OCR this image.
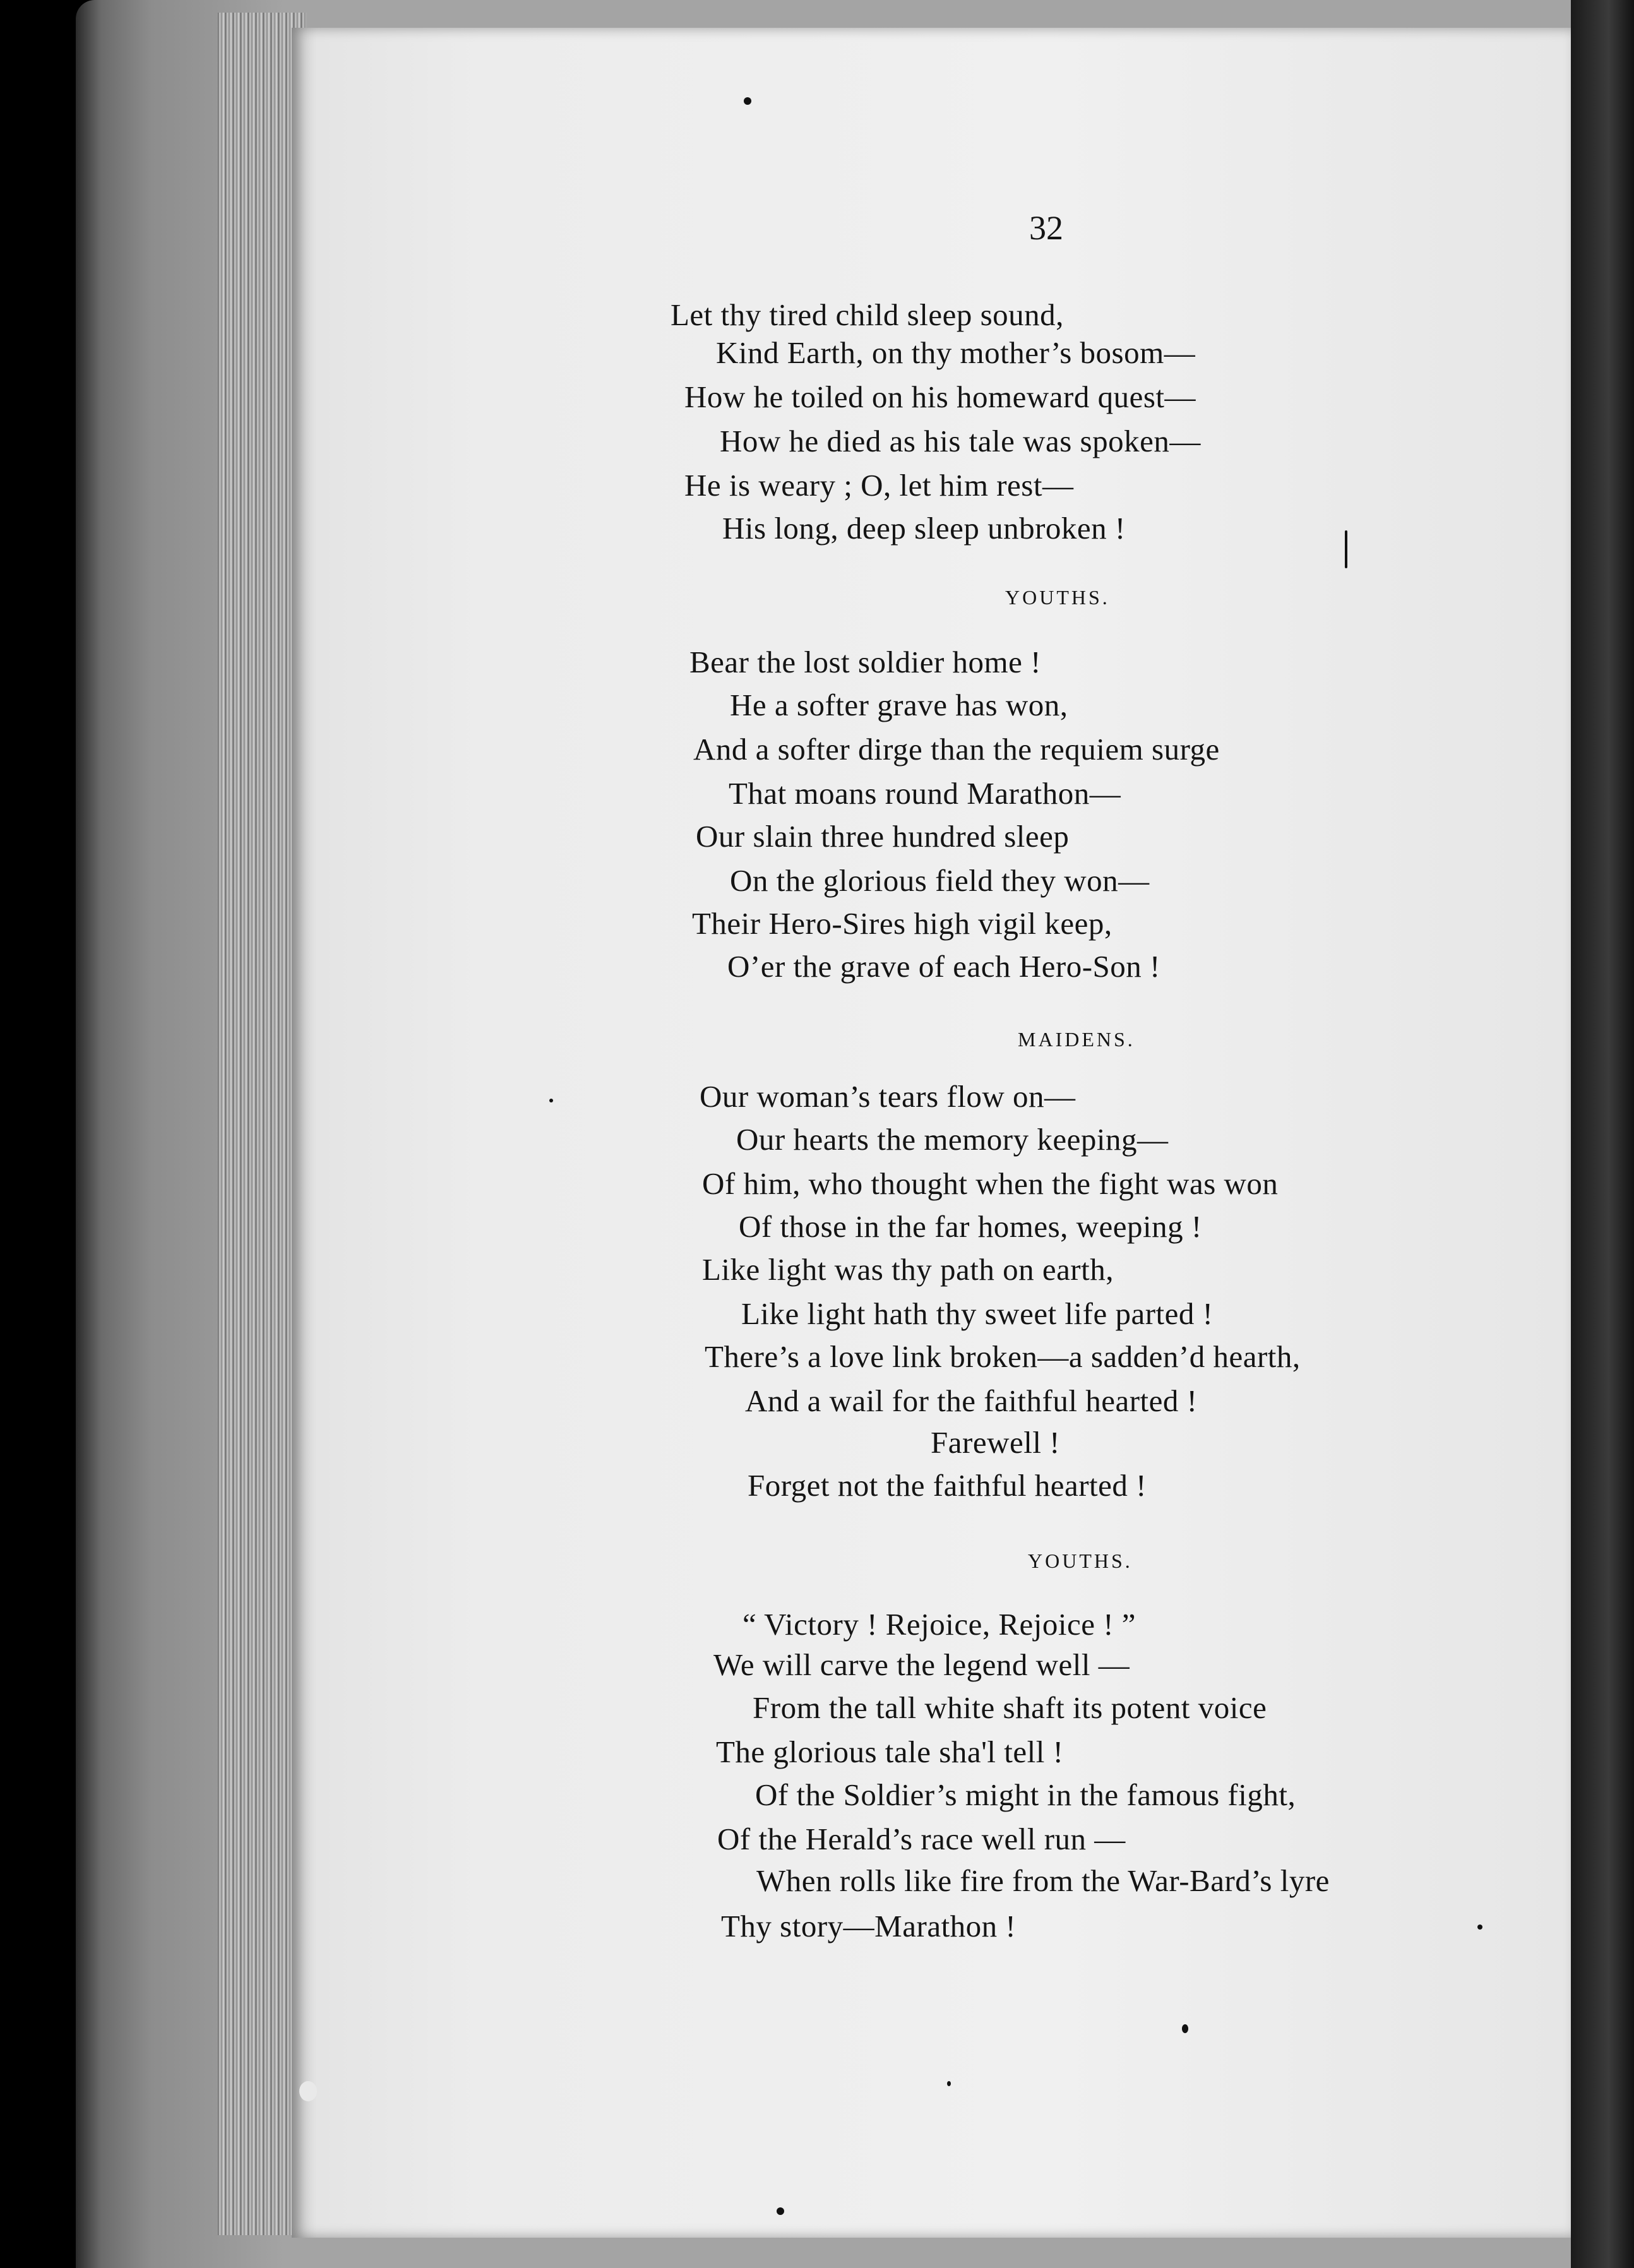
32
Let thy tired child sleep sound,
Kind Earth, on thy mother’s bosom—
How he toiled on his homeward quest—
How he died as his tale was spoken—
He is weary ; O, let him rest—
His long, deep sleep unbroken !
YOUTHS.
Bear the lost soldier home !
He a softer grave has won,
And a softer dirge than the requiem surge
That moans round Marathon—
Our slain three hundred sleep
On the glorious field they won—
Their Hero-Sires high vigil keep,
O’er the grave of each Hero-Son !
MAIDENS.
Our woman’s tears flow on—
Our hearts the memory keeping—
Of him, who thought when the fight was won
Of those in the far homes, weeping !
Like light was thy path on earth,
Like light hath thy sweet life parted !
There’s a love link broken—a sadden’d hearth,
And a wail for the faithful hearted !
Farewell !
Forget not the faithful hearted !
YOUTHS.
“ Victory ! Rejoice, Rejoice ! ”
We will carve the legend well —
From the tall white shaft its potent voice
The glorious tale sha'l tell !
Of the Soldier’s might in the famous fight,
Of the Herald’s race well run —
When rolls like fire from the War-Bard’s lyre
Thy story—Marathon !
